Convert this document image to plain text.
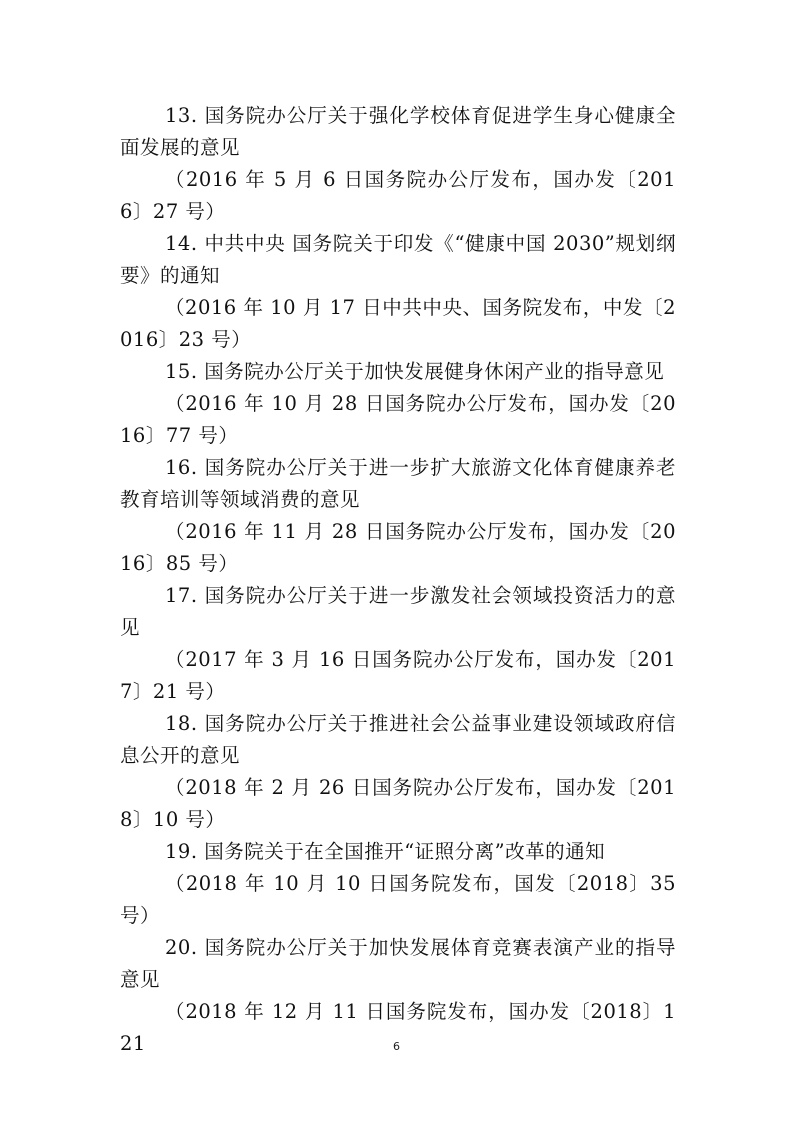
13. 国务院办公厅关于强化学校体育促进学生身心健康全面发展的意见

（2016 年 5 月 6 日国务院办公厅发布，国办发〔2016〕27 号）

14. 中共中央 国务院关于印发《“健康中国 2030”规划纲要》的通知

（2016 年 10 月 17 日中共中央、国务院发布，中发〔2016〕23 号）

15. 国务院办公厅关于加快发展健身休闲产业的指导意见

（2016 年 10 月 28 日国务院办公厅发布，国办发〔2016〕77 号）

16. 国务院办公厅关于进一步扩大旅游文化体育健康养老教育培训等领域消费的意见

（2016 年 11 月 28 日国务院办公厅发布，国办发〔2016〕85 号）

17. 国务院办公厅关于进一步激发社会领域投资活力的意见

（2017 年 3 月 16 日国务院办公厅发布，国办发〔2017〕21 号）

18. 国务院办公厅关于推进社会公益事业建设领域政府信息公开的意见

（2018 年 2 月 26 日国务院办公厅发布，国办发〔2018〕10 号）

19. 国务院关于在全国推开“证照分离”改革的通知

（2018 年 10 月 10 日国务院发布，国发〔2018〕35 号）

20. 国务院办公厅关于加快发展体育竞赛表演产业的指导意见

（2018 年 12 月 11 日国务院发布，国办发〔2018〕121	6
